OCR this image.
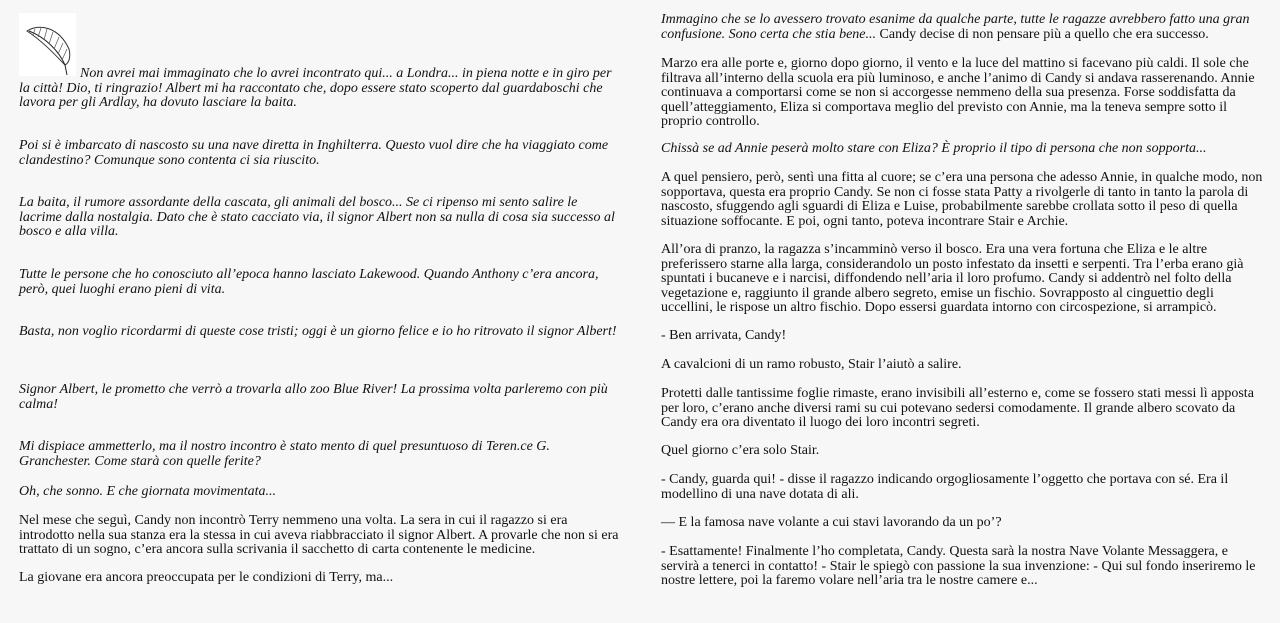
Non avrei mai immaginato che lo avrei incontrato qui... a Londra... in piena notte e in giro per la città! Dio, ti ringrazio! Albert mi ha raccontato che, dopo essere stato scoperto dal guardaboschi che lavora per gli Ardlay, ha dovuto lasciare la baita.

Poi si è imbarcato di nascosto su una nave diretta in Inghilterra. Questo vuol dire che ha viaggiato come clandestino? Comunque sono contenta ci sia riuscito.

La baita, il rumore assordante della cascata, gli animali del bosco... Se ci ripenso mi sento salire le lacrime dalla nostalgia. Dato che è stato cacciato via, il signor Albert non sa nulla di cosa sia successo al bosco e alla villa.

Tutte le persone che ho conosciuto all’epoca hanno lasciato Lakewood. Quando Anthony c’era ancora, però, quei luoghi erano pieni di vita.

Basta, non voglio ricordarmi di queste cose tristi; oggi è un giorno felice e io ho ritrovato il signor Albert!

Signor Albert, le prometto che verrò a trovarla allo zoo Blue River! La prossima volta parleremo con più calma!

Mi dispiace ammetterlo, ma il nostro incontro è stato mento di quel presuntuoso di Teren.ce G. Granchester. Come starà con quelle ferite?

Oh, che sonno. E che giornata movimentata...

Nel mese che seguì, Candy non incontrò Terry nemmeno una volta. La sera in cui il ragazzo si era introdotto nella sua stanza era la stessa in cui aveva riabbracciato il signor Albert. A provarle che non si era trattato di un sogno, c’era ancora sulla scrivania il sacchetto di carta contenente le medicine.

La giovane era ancora preoccupata per le condizioni di Terry, ma...

Immagino che se lo avessero trovato esanime da qualche parte, tutte le ragazze avrebbero fatto una gran confusione. Sono certa che stia bene... Candy decise di non pensare più a quello che era successo.

Marzo era alle porte e, giorno dopo giorno, il vento e la luce del mattino si facevano più caldi. Il sole che filtrava all’interno della scuola era più luminoso, e anche l’animo di Candy si andava rasserenando. Annie continuava a comportarsi come se non si accorgesse nemmeno della sua presenza. Forse soddisfatta da quell’atteggiamento, Eliza si comportava meglio del previsto con Annie, ma la teneva sempre sotto il proprio controllo.

Chissà se ad Annie peserà molto stare con Eliza? È proprio il tipo di persona che non sopporta...

A quel pensiero, però, sentì una fitta al cuore; se c’era una persona che adesso Annie, in qualche modo, non sopportava, questa era proprio Candy. Se non ci fosse stata Patty a rivolgerle di tanto in tanto la parola di nascosto, sfuggendo agli sguardi di Eliza e Luise, probabilmente sarebbe crollata sotto il peso di quella situazione soffocante. E poi, ogni tanto, poteva incontrare Stair e Archie.

All’ora di pranzo, la ragazza s’incamminò verso il bosco. Era una vera fortuna che Eliza e le altre preferissero starne alla larga, considerandolo un posto infestato da insetti e serpenti. Tra l’erba erano già spuntati i bucaneve e i narcisi, diffondendo nell’aria il loro profumo. Candy si addentrò nel folto della vegetazione e, raggiunto il grande albero segreto, emise un fischio. Sovrapposto al cinguettio degli uccellini, le rispose un altro fischio. Dopo essersi guardata intorno con circospezione, si arrampicò.

- Ben arrivata, Candy!

A cavalcioni di un ramo robusto, Stair l’aiutò a salire.

Protetti dalle tantissime foglie rimaste, erano invisibili all’esterno e, come se fossero stati messi lì apposta per loro, c’erano anche diversi rami su cui potevano sedersi comodamente. Il grande albero scovato da Candy era ora diventato il luogo dei loro incontri segreti.

Quel giorno c’era solo Stair.

- Candy, guarda qui! - disse il ragazzo indicando orgogliosamente l’oggetto che portava con sé. Era il modellino di una nave dotata di ali.

— E la famosa nave volante a cui stavi lavorando da un po’?

- Esattamente! Finalmente l’ho completata, Candy. Questa sarà la nostra Nave Volante Messaggera, e servirà a tenerci in contatto! - Stair le spiegò con passione la sua invenzione: - Qui sul fondo inseriremo le nostre lettere, poi la faremo volare nell’aria tra le nostre camere e...
